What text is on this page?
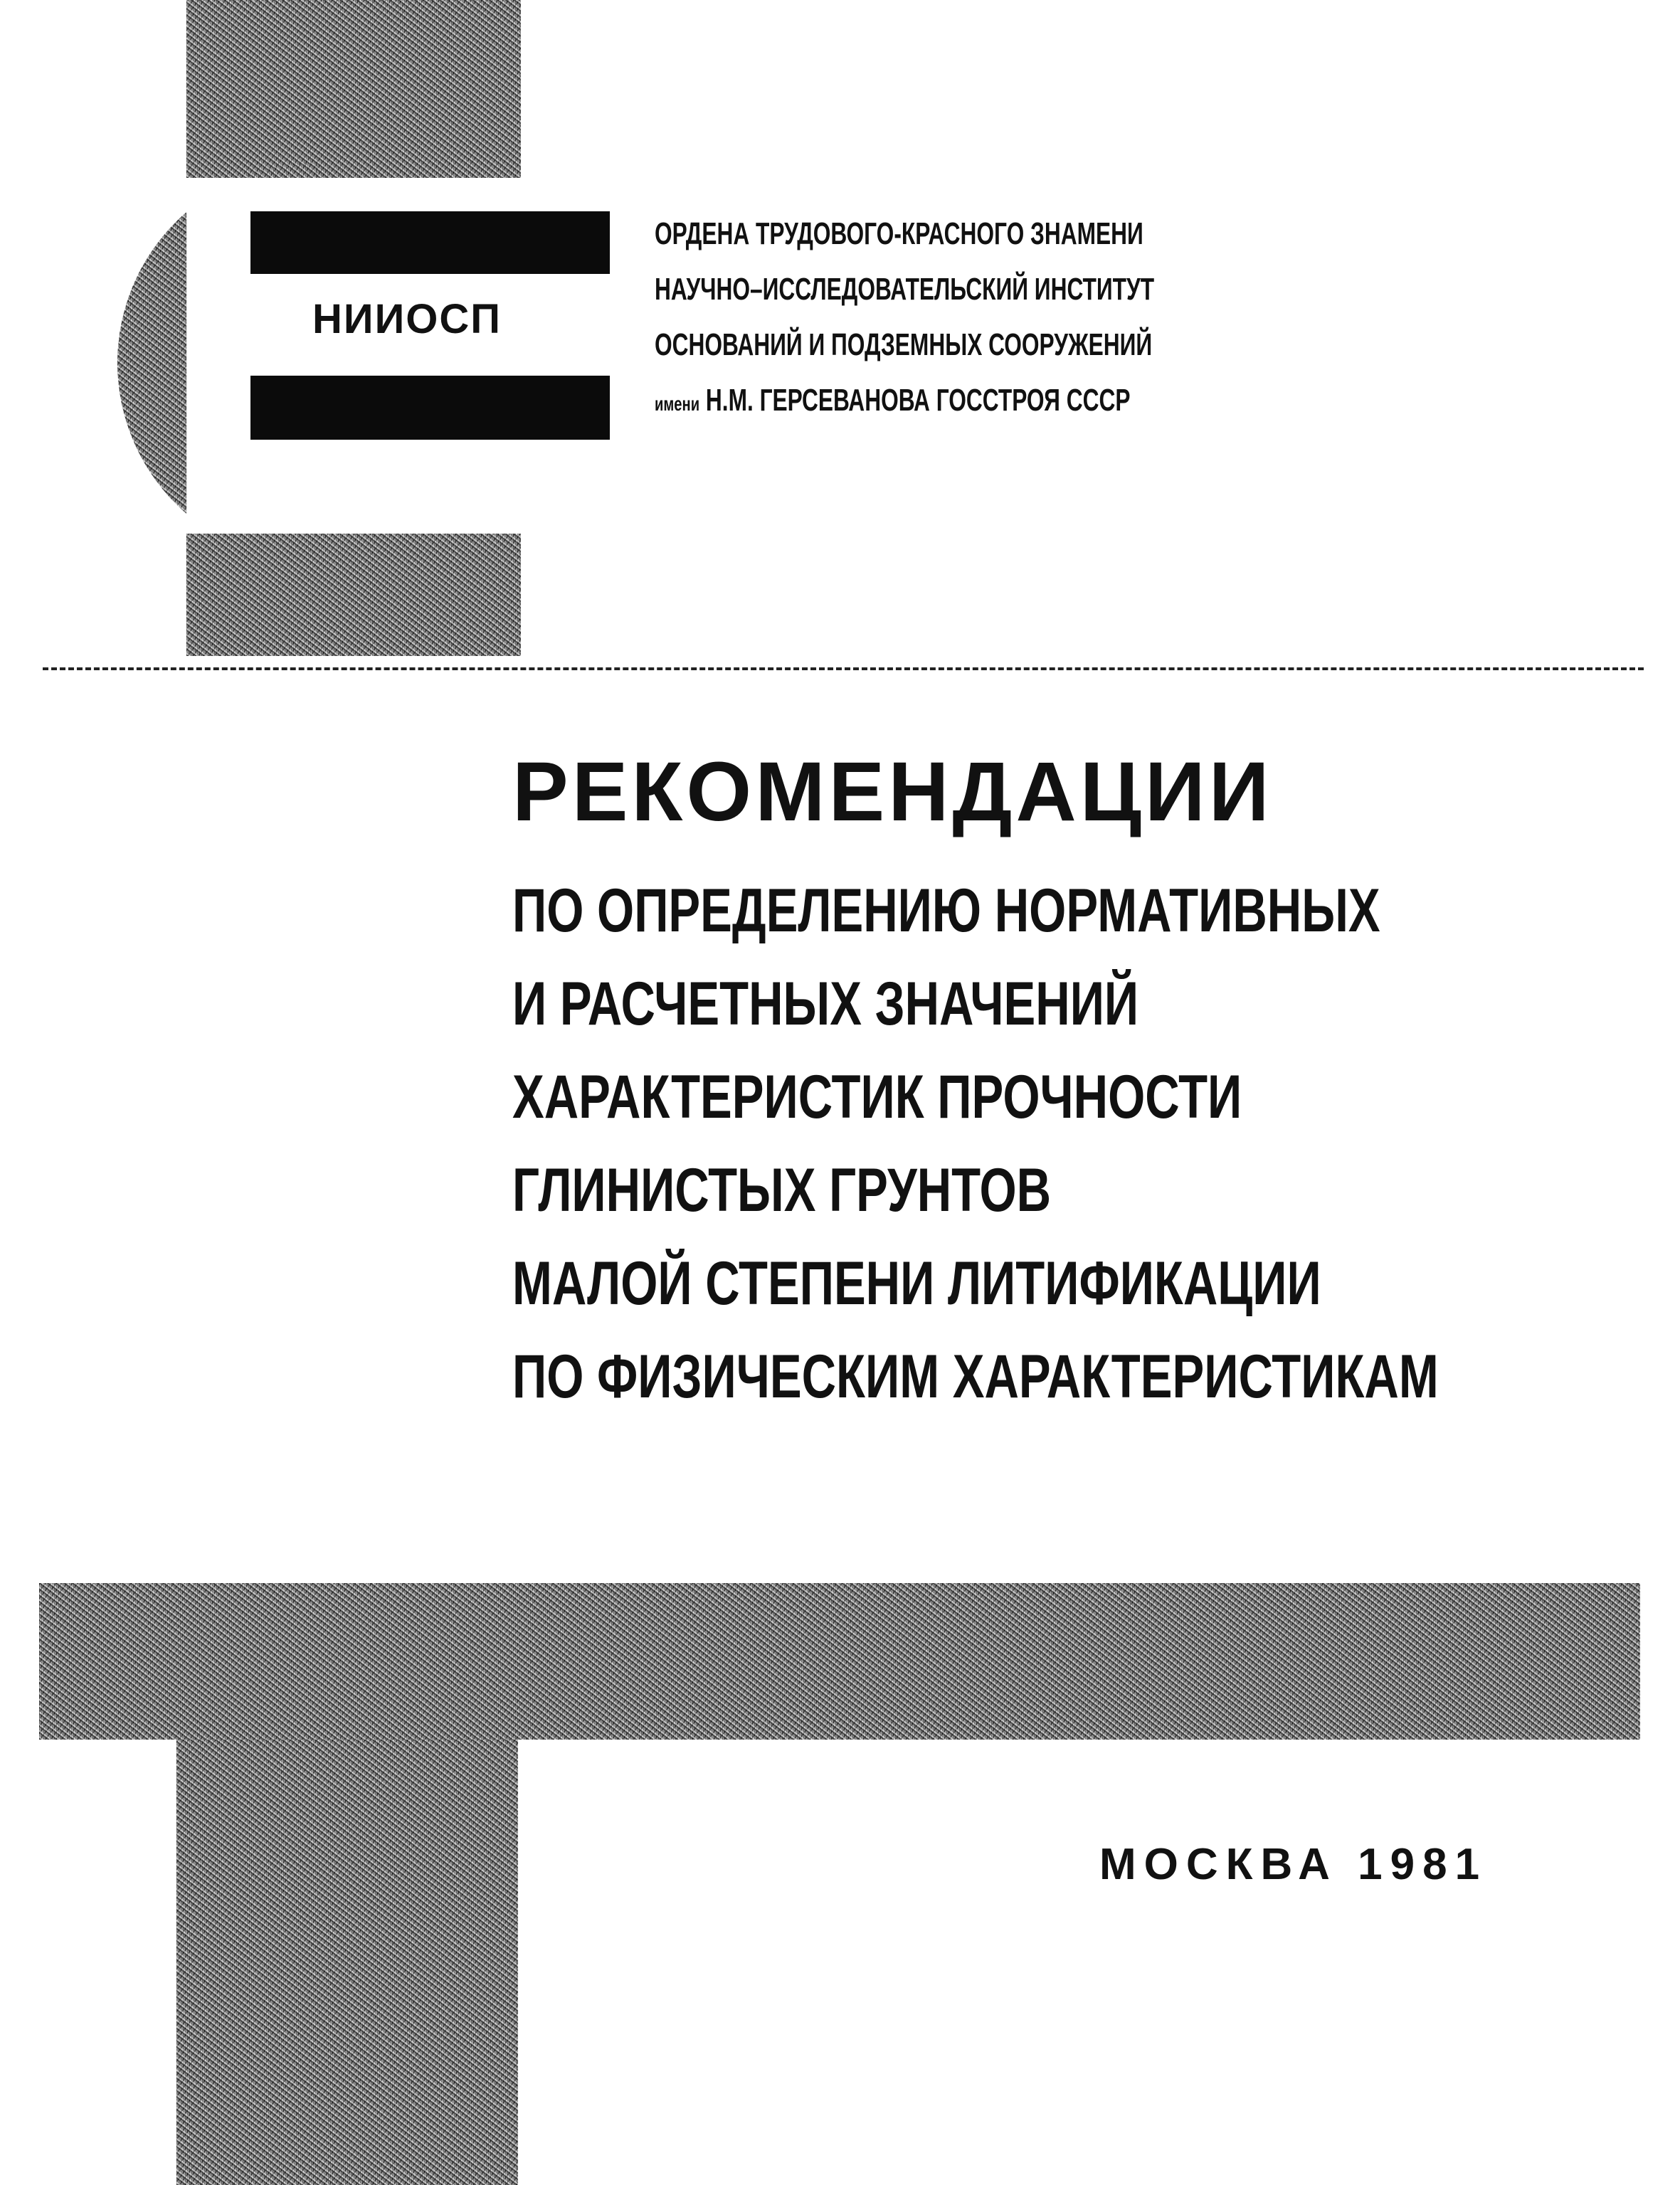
НИИОСП
ОРДЕНА ТРУДОВОГО-КРАСНОГО ЗНАМЕНИ
НАУЧНО–ИССЛЕДОВАТЕЛЬСКИЙ ИНСТИТУТ
ОСНОВАНИЙ И ПОДЗЕМНЫХ СООРУЖЕНИЙ
имени Н.М. ГЕРСЕВАНОВА ГОССТРОЯ СССР
РЕКОМЕНДАЦИИ
ПО ОПРЕДЕЛЕНИЮ НОРМАТИВНЫХ
И РАСЧЕТНЫХ ЗНАЧЕНИЙ
ХАРАКТЕРИСТИК ПРОЧНОСТИ
ГЛИНИСТЫХ ГРУНТОВ
МАЛОЙ СТЕПЕНИ ЛИТИФИКАЦИИ
ПО ФИЗИЧЕСКИМ ХАРАКТЕРИСТИКАМ
МОСКВА 1981
